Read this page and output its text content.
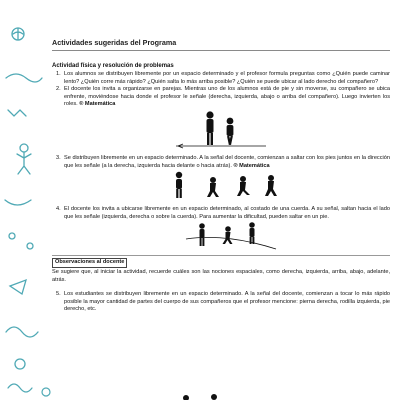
Actividades sugeridas del Programa
Actividad física y resolución de problemas
1. Los alumnos se distribuyen libremente por un espacio determinado y el profesor formula preguntas como ¿Quién puede caminar lento? ¿Quién corre más rápido? ¿Quién salta lo más arriba posible? ¿Quién se puede ubicar al lado derecho del compañero?
2. El docente los invita a organizarse en parejas. Mientras uno de los alumnos está de pie y sin moverse, su compañero se ubica enfrente, moviéndose hacia donde el profesor le señale (derecha, izquierda, abajo o arriba del compañero). Luego invierten los roles. ® Matemática
3. Se distribuyen libremente en un espacio determinado. A la señal del docente, comienzan a saltar con los pies juntos en la dirección que les señale (a la derecha, izquierda hacia delante o hacia atrás). ® Matemática
4. El docente los invita a ubicarse libremente en un espacio determinado, al costado de una cuerda. A su señal, saltan hacia el lado que les señale (izquierda, derecha o sobre la cuerda). Para aumentar la dificultad, pueden saltar en un pie.
Observaciones al docente
Se sugiere que, al iniciar la actividad, recuerde cuáles son las nociones espaciales, como derecha, izquierda, arriba, abajo, adelante, atrás.
5. Los estudiantes se distribuyen libremente en un espacio determinado. A la señal del docente, comienzan a tocar lo más rápido posible la mayor cantidad de partes del cuerpo de sus compañeros que el profesor mencione: pierna derecha, rodilla izquierda, pie derecho, etc.
